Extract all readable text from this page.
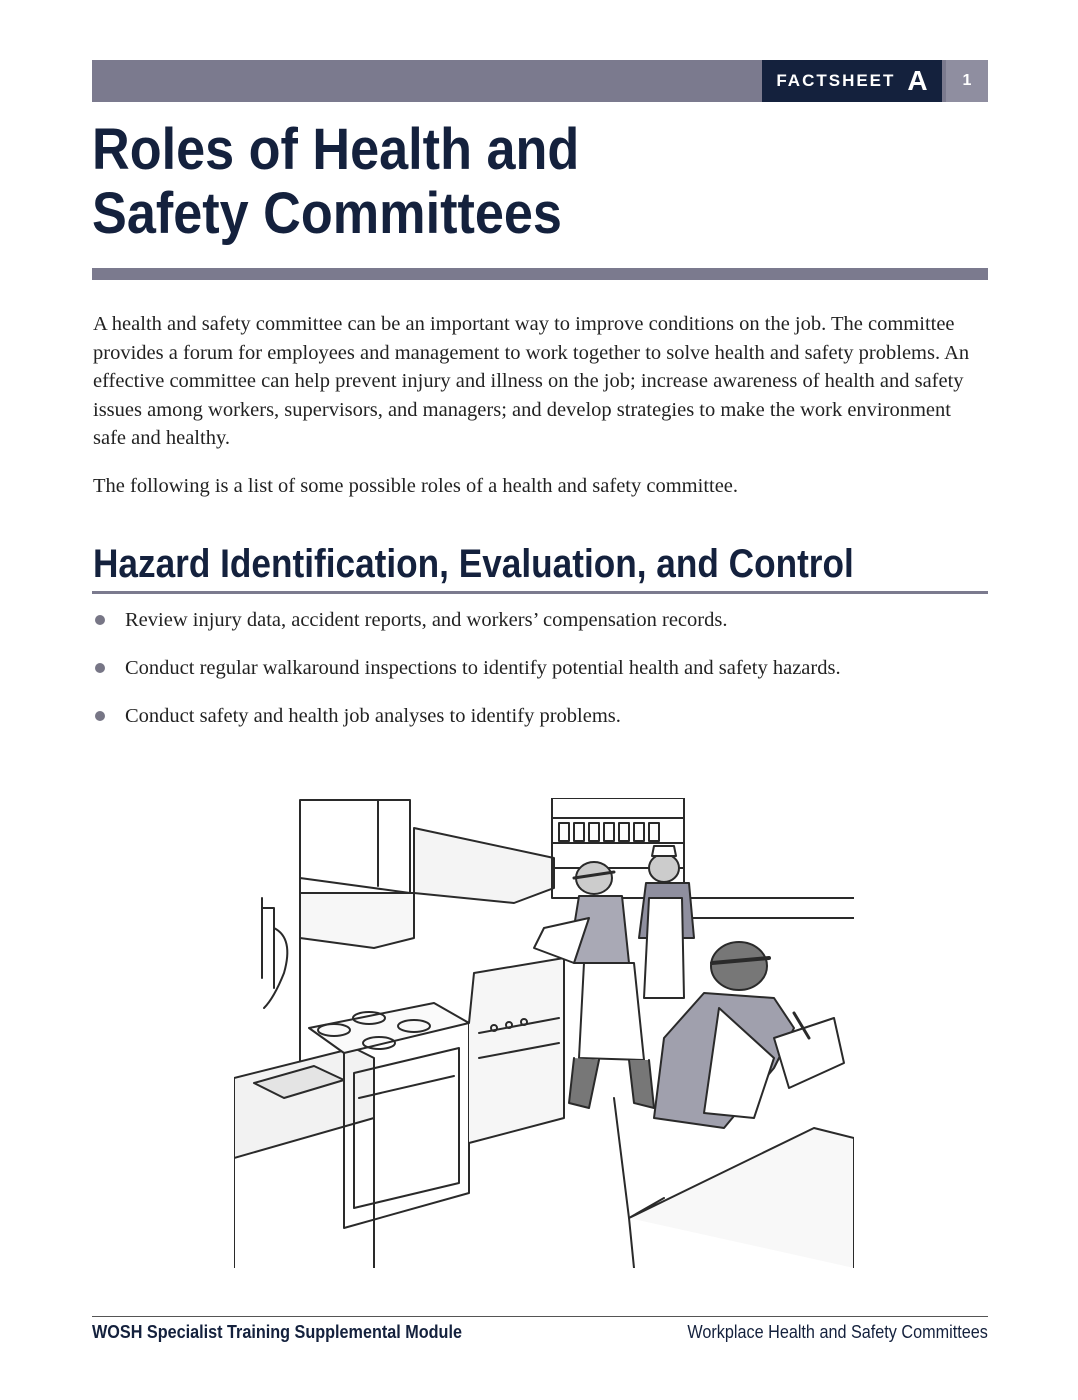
FACTSHEET A	1
Roles of Health and
Safety Committees

A health and safety committee can be an important way to improve conditions on the job. The committee provides a forum for employees and management to work together to solve health and safety problems. An effective committee can help prevent injury and illness on the job; increase awareness of health and safety issues among workers, supervisors, and managers; and develop strategies to make the work environment safe and healthy.

The following is a list of some possible roles of a health and safety committee.

Hazard Identification, Evaluation, and Control
Review injury data, accident reports, and workers’ compensation records.
Conduct regular walkaround inspections to identify potential health and safety hazards.
Conduct safety and health job analyses to identify problems.
WOSH Specialist Training Supplemental Module	Workplace Health and Safety Committees
